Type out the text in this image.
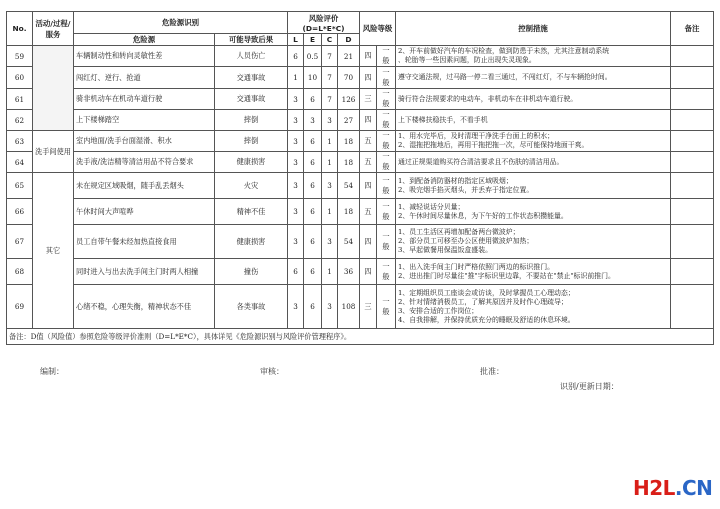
No.	活动/过程/服务	危险源识别		风险评价(D=L*E*C)				风险等级		控制措施	备注
		危险源	可能导致后果	L	E	C	D				
59		车辆制动性和转向灵敏性差	人员伤亡	6	0.5	7	21	四	一般	2、开车前做好汽车的车况检查，做到防患于未然，尤其注意制动系统
、轮胎等一些因素问题，防止出现失灵现象。	
60		闯红灯、逆行、抢道	交通事故	1	10	7	70	四	一般	遵守交通法规，过马路一停二看三通过，不闯红灯，不与车辆抢时间。	
61		骑非机动车在机动车道行驶	交通事故	3	6	7	126	三	一般	骑行符合法规要求的电动车，非机动车在非机动车道行驶。	
62		上下楼梯踏空	摔倒	3	3	3	27	四	一般	上下楼梯扶稳扶手，不看手机	
63	洗手间使用	室内地面/洗手台面湿滑、积水	摔倒	3	6	1	18	五	一般	1、用水完毕后，及时清理干净洗手台面上的积水；
2、湿拖把拖地后，再用干拖把拖一次，尽可能保持地面干爽。	
64		洗手液/洗洁精等清洁用品不符合要求	健康损害	3	6	1	18	五	一般	通过正规渠道购买符合清洁要求且不伤肤的清洁用品。	
65	其它	未在规定区域吸烟，随手乱丢烟头	火灾	3	6	3	54	四	一般	1、到配备消防器材的指定区域吸烟；
2、吸完烟手掐灭烟头，并丢弃于指定位置。	
66		午休时间大声喧哗	精神不佳	3	6	1	18	五	一般	1、减轻说话分贝量；
2、午休时间尽量休息，为下午好的工作状态积攒能量。	
67		员工自带午餐未经加热直接食用	健康损害	3	6	3	54	四	一般	1、员工生活区再增加配备两台微波炉；
2、部分员工可移至办公区使用微波炉加热；
3、早起做餐用保温饭盒盛装。	
68		同时进入与出去洗手间主门时两人相撞	撞伤	6	6	1	36	四	一般	1、出入洗手间主门时严格依照门两边的标识推门。
2、进出推门时尽量往"推"字标识里边靠，不要站在"禁止"标识前推门。	
69		心绪不稳，心理失衡，精神状态不佳	各类事故	3	6	3	108	三	一般	1、定期组织员工座谈会或访谈，及时掌握员工心理动态；
2、针对情绪消极员工，了解其原因并及时作心理疏导；
3、安排合适的工作岗位；
4、自我排解，并保持优质充分的睡眠及舒适的休息环境。	
备注：D值（风险值）参照危险等级评价准则（D=L*E*C），具体详见《危险源识别与风险评价管理程序》。											
编制：	审核：	批准：
识别/更新日期：
H2L.CN
